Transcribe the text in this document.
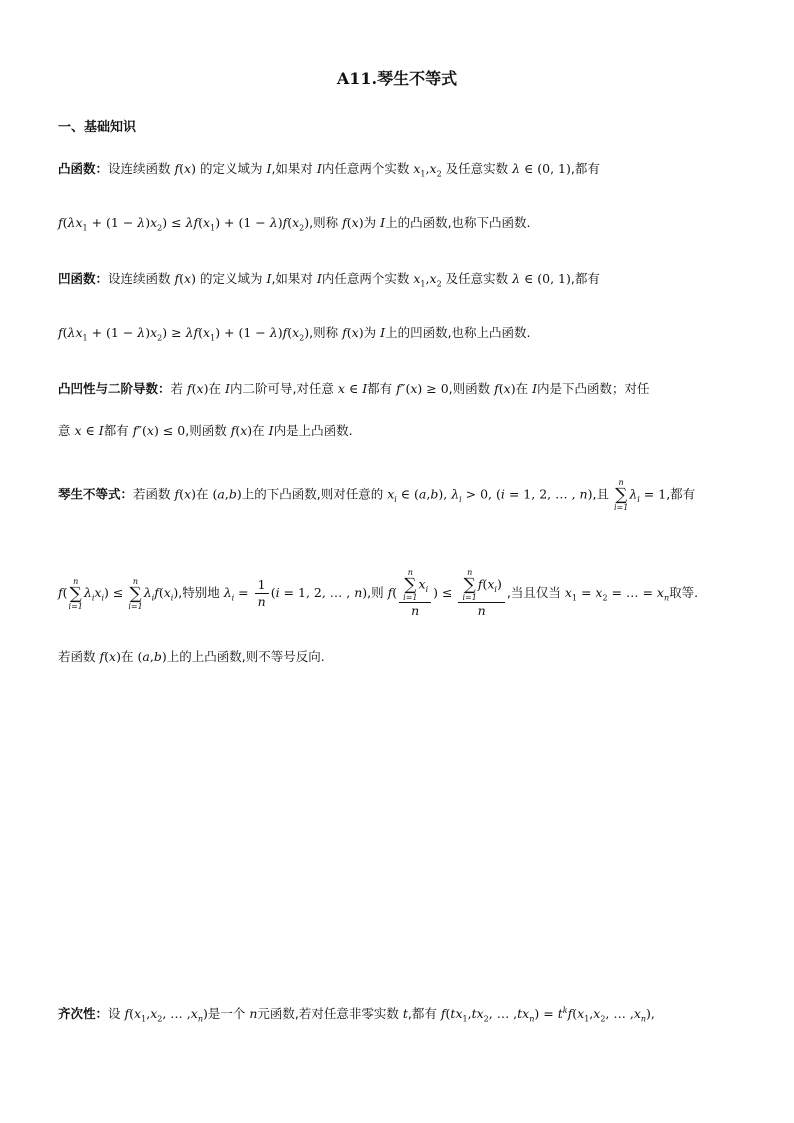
A11.琴生不等式
一、基础知识
凸函数：设连续函数 f(x) 的定义域为 I,如果对 I内任意两个实数 $x_1,x_2$ 及任意实数 λ ∈ (0, 1),都有
$f(\lambda x_1 + (1 - \lambda)x_2) \le \lambda f(x_1) + (1 - \lambda)f(x_2)$,则称 f(x)为 I上的凸函数,也称下凸函数.
凹函数：设连续函数 f(x) 的定义域为 I,如果对 I内任意两个实数 $x_1,x_2$ 及任意实数 λ ∈ (0, 1),都有
$f(\lambda x_1 + (1 - \lambda)x_2) \ge \lambda f(x_1) + (1 - \lambda)f(x_2)$,则称 f(x)为 I上的凹函数,也称上凸函数.
凸凹性与二阶导数：若 f(x)在 I内二阶可导,对任意 x ∈ I都有 f″(x) ≥ 0,则函数 f(x)在 I内是下凸函数；对任
意 x ∈ I都有 f″(x) ≤ 0,则函数 f(x)在 I内是上凸函数.
琴生不等式：若函数 f(x)在 (a,b)上的下凸函数,则对任意的 $x_i$ ∈ (a,b), $\lambda_i > 0$, (i = 1, 2, … , n),且
n
∑
i=1
$\lambda_i = 1$,都有
f(
n
∑
i=1
$\lambda_ix_i$) ≤
n
∑
i=1
$\lambda_if(x_i)$,特别地 $\lambda_i = \frac{1}{n} (i = 1$, 2, … , n),则 f( n
∑
i=1
$x_i$
n ) ≤ n
∑
i=1
$f(x_i)$
n ,当且仅当 $x_1 = x_2$ = … = $x_n$取等.
若函数 f(x)在 (a,b)上的上凸函数,则不等号反向.
齐次性：设 $f(x_1,x_2$, … $,x_n$)是一个 n元函数,若对任意非零实数 t,都有 $f(tx_1,tx_2$, … $,tx_n) = t^kf(x_1,x_2$, … $,x_n$),
